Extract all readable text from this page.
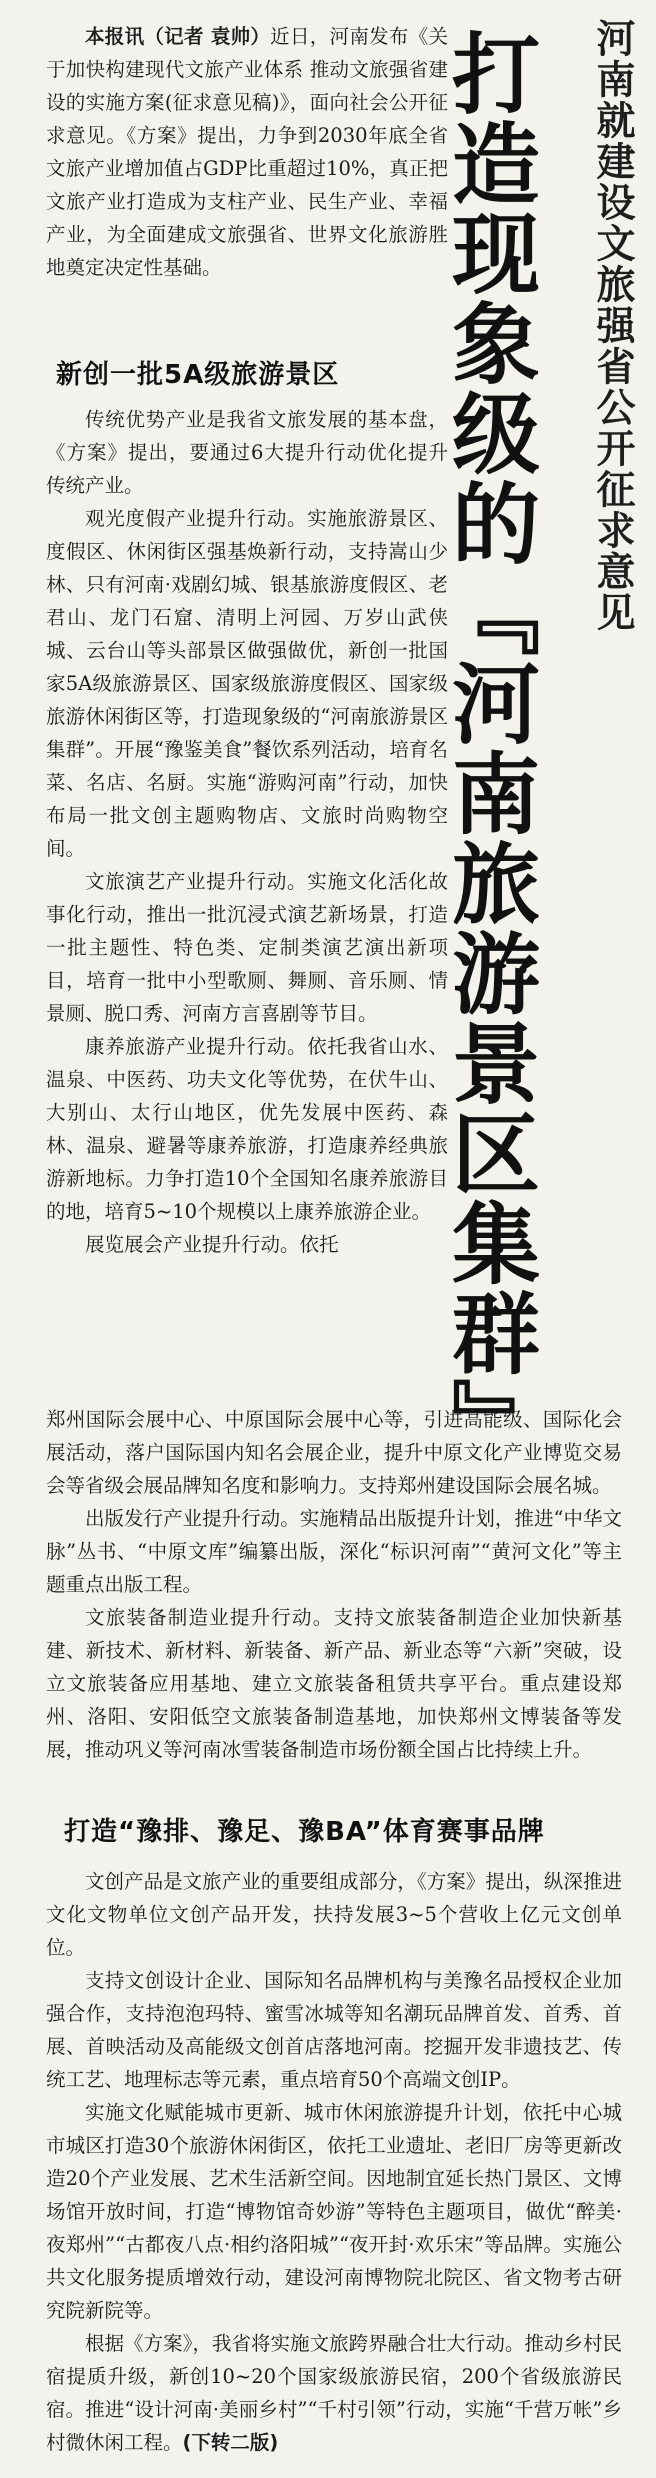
河南就建设文旅强省公开征求意见
打造现象级的『河南旅游景区集群』

本报讯（记者 袁帅）近日，河南发布《关于加快构建现代文旅产业体系 推动文旅强省建设的实施方案(征求意见稿)》，面向社会公开征求意见。《方案》提出，力争到2030年底全省文旅产业增加值占GDP比重超过10%，真正把文旅产业打造成为支柱产业、民生产业、幸福产业，为全面建成文旅强省、世界文化旅游胜地奠定决定性基础。

新创一批5A级旅游景区

传统优势产业是我省文旅发展的基本盘，《方案》提出，要通过6大提升行动优化提升传统产业。

观光度假产业提升行动。实施旅游景区、度假区、休闲街区强基焕新行动，支持嵩山少林、只有河南·戏剧幻城、银基旅游度假区、老君山、龙门石窟、清明上河园、万岁山武侠城、云台山等头部景区做强做优，新创一批国家5A级旅游景区、国家级旅游度假区、国家级旅游休闲街区等，打造现象级的“河南旅游景区集群”。开展“豫鉴美食”餐饮系列活动，培育名菜、名店、名厨。实施“游购河南”行动，加快布局一批文创主题购物店、文旅时尚购物空间。

文旅演艺产业提升行动。实施文化活化故事化行动，推出一批沉浸式演艺新场景，打造一批主题性、特色类、定制类演艺演出新项目，培育一批中小型歌厕、舞厕、音乐厕、情景厕、脱口秀、河南方言喜剧等节目。

康养旅游产业提升行动。依托我省山水、温泉、中医药、功夫文化等优势，在伏牛山、大别山、太行山地区，优先发展中医药、森林、温泉、避暑等康养旅游，打造康养经典旅游新地标。力争打造10个全国知名康养旅游目的地，培育5~10个规模以上康养旅游企业。

展览展会产业提升行动。依托

郑州国际会展中心、中原国际会展中心等，引进高能级、国际化会展活动，落户国际国内知名会展企业，提升中原文化产业博览交易会等省级会展品牌知名度和影响力。支持郑州建设国际会展名城。

出版发行产业提升行动。实施精品出版提升计划，推进“中华文脉”丛书、“中原文库”编纂出版，深化“标识河南”“黄河文化”等主题重点出版工程。

文旅装备制造业提升行动。支持文旅装备制造企业加快新基建、新技术、新材料、新装备、新产品、新业态等“六新”突破，设立文旅装备应用基地、建立文旅装备租赁共享平台。重点建设郑州、洛阳、安阳低空文旅装备制造基地，加快郑州文博装备等发展，推动巩义等河南冰雪装备制造市场份额全国占比持续上升。

打造“豫排、豫足、豫BA”体育赛事品牌

文创产品是文旅产业的重要组成部分，《方案》提出，纵深推进文化文物单位文创产品开发，扶持发展3~5个营收上亿元文创单位。

支持文创设计企业、国际知名品牌机构与美豫名品授权企业加强合作，支持泡泡玛特、蜜雪冰城等知名潮玩品牌首发、首秀、首展、首映活动及高能级文创首店落地河南。挖掘开发非遗技艺、传统工艺、地理标志等元素，重点培育50个高端文创IP。

实施文化赋能城市更新、城市休闲旅游提升计划，依托中心城市城区打造30个旅游休闲街区，依托工业遗址、老旧厂房等更新改造20个产业发展、艺术生活新空间。因地制宜延长热门景区、文博场馆开放时间，打造“博物馆奇妙游”等特色主题项目，做优“醉美·夜郑州”“古都夜八点·相约洛阳城”“夜开封·欢乐宋”等品牌。实施公共文化服务提质增效行动，建设河南博物院北院区、省文物考古研究院新院等。

根据《方案》，我省将实施文旅跨界融合壮大行动。推动乡村民宿提质升级，新创10~20个国家级旅游民宿，200个省级旅游民宿。推进“设计河南·美丽乡村”“千村引领”行动，实施“千营万帐”乡村微休闲工程。(下转二版)
